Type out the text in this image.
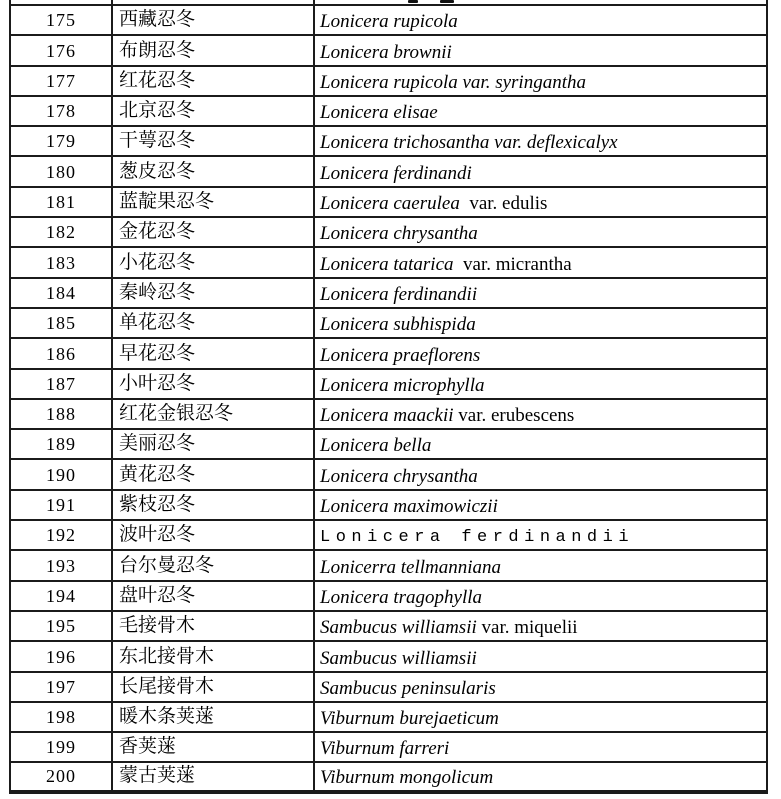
175	西藏忍冬	Lonicera rupicola
176	布朗忍冬	Lonicera brownii
177	红花忍冬	Lonicera rupicola var. syringantha
178	北京忍冬	Lonicera elisae
179	干萼忍冬	Lonicera trichosantha var. deflexicalyx
180	葱皮忍冬	Lonicera ferdinandi
181	蓝靛果忍冬	Lonicera caerulea var. edulis
182	金花忍冬	Lonicera chrysantha
183	小花忍冬	Lonicera tatarica var. micrantha
184	秦岭忍冬	Lonicera ferdinandii
185	单花忍冬	Lonicera subhispida
186	早花忍冬	Lonicera praeflorens
187	小叶忍冬	Lonicera microphylla
188	红花金银忍冬	Lonicera maackii var. erubescens
189	美丽忍冬	Lonicera bella
190	黄花忍冬	Lonicera chrysantha
191	紫枝忍冬	Lonicera maximowiczii
192	波叶忍冬	Lonicera ferdinandii
193	台尔曼忍冬	Lonicerra tellmanniana
194	盘叶忍冬	Lonicera tragophylla
195	毛接骨木	Sambucus williamsii var. miquelii
196	东北接骨木	Sambucus williamsii
197	长尾接骨木	Sambucus peninsularis
198	暖木条荚蒾	Viburnum burejaeticum
199	香荚蒾	Viburnum farreri
200	蒙古荚蒾	Viburnum mongolicum
